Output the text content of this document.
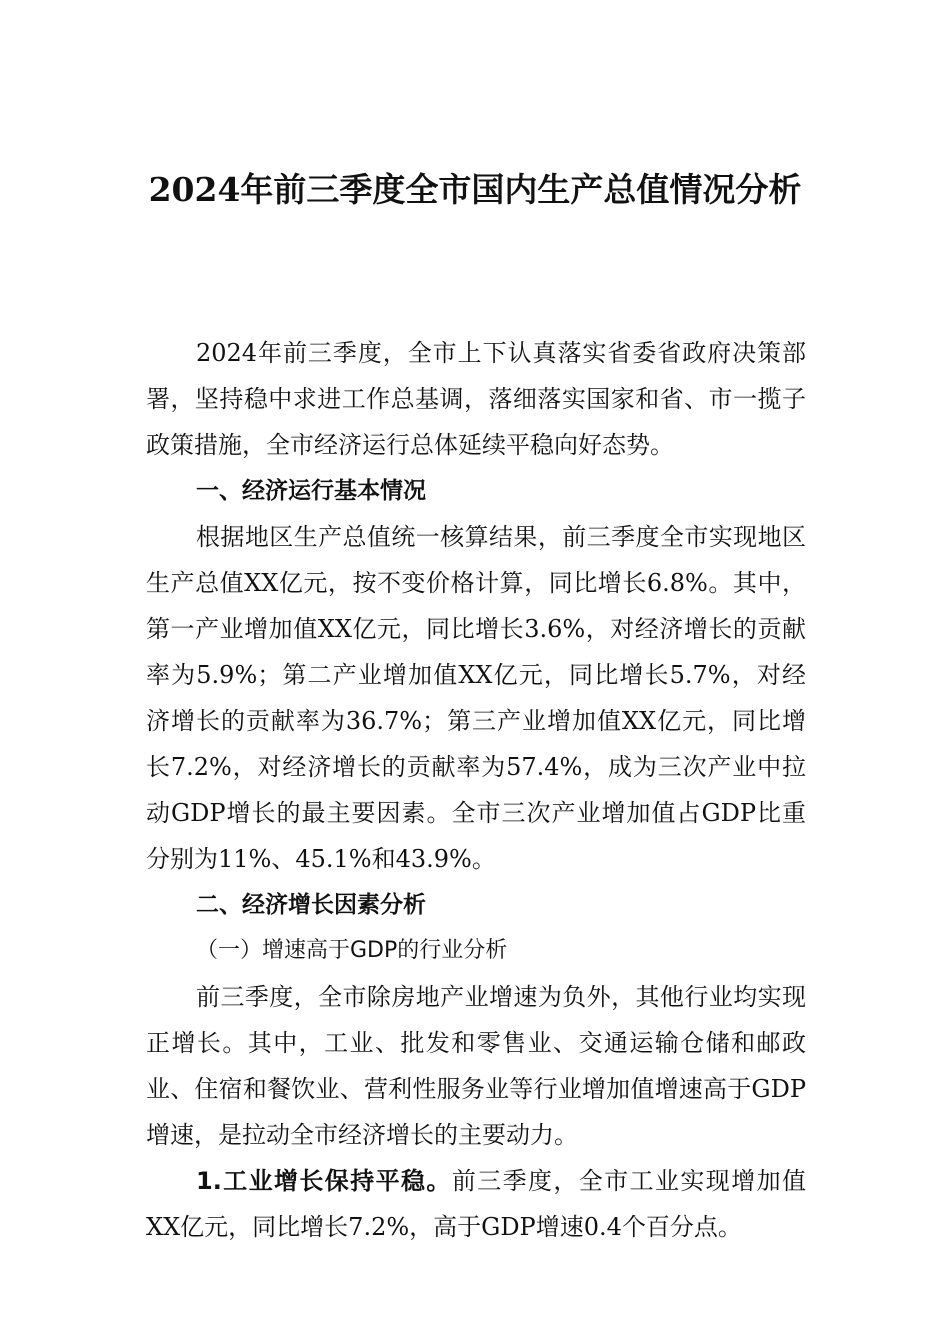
2024年前三季度全市国内生产总值情况分析

2024年前三季度，全市上下认真落实省委省政府决策部署，坚持稳中求进工作总基调，落细落实国家和省、市一揽子政策措施，全市经济运行总体延续平稳向好态势。

一、经济运行基本情况

根据地区生产总值统一核算结果，前三季度全市实现地区生产总值XX亿元，按不变价格计算，同比增长6.8%。其中，第一产业增加值XX亿元，同比增长3.6%，对经济增长的贡献率为5.9%；第二产业增加值XX亿元，同比增长5.7%，对经济增长的贡献率为36.7%；第三产业增加值XX亿元，同比增长7.2%，对经济增长的贡献率为57.4%，成为三次产业中拉动GDP增长的最主要因素。全市三次产业增加值占GDP比重分别为11%、45.1%和43.9%。

二、经济增长因素分析

（一）增速高于GDP的行业分析

前三季度，全市除房地产业增速为负外，其他行业均实现正增长。其中，工业、批发和零售业、交通运输仓储和邮政业、住宿和餐饮业、营利性服务业等行业增加值增速高于GDP增速，是拉动全市经济增长的主要动力。

1.工业增长保持平稳。前三季度，全市工业实现增加值XX亿元，同比增长7.2%，高于GDP增速0.4个百分点。
